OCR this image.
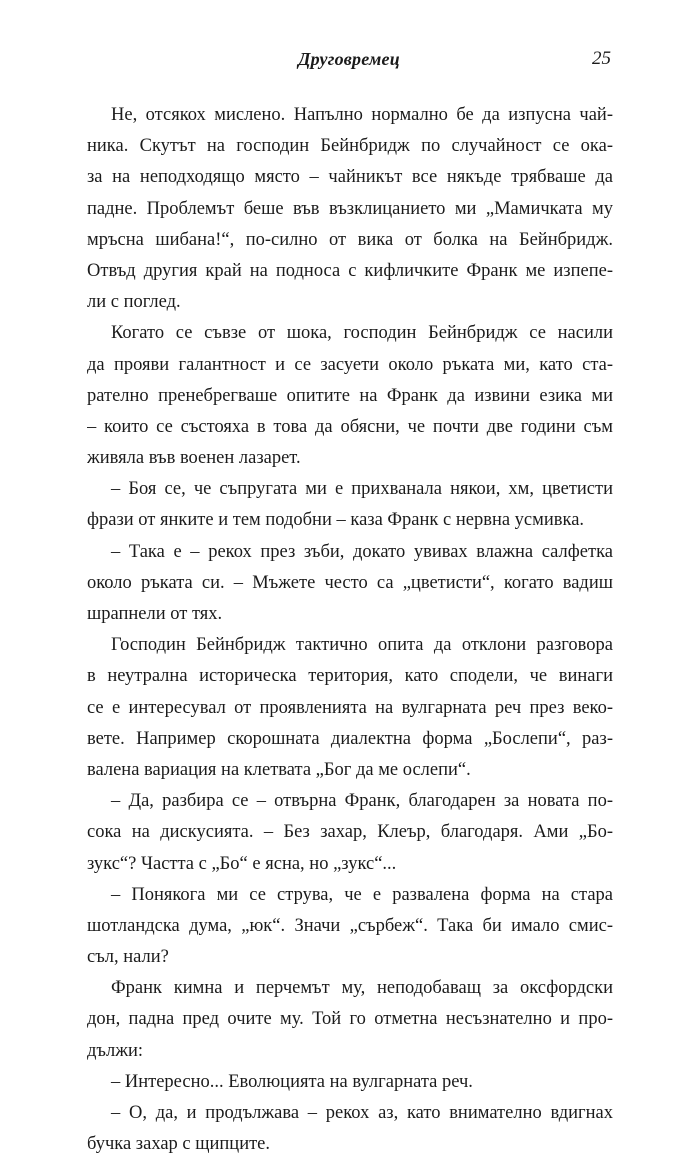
Друговремец	25

Не, отсякох мислено. Напълно нормално бе да изпусна чай-
ника. Скутът на господин Бейнбридж по случайност се ока-
за на неподходящо място – чайникът все някъде трябваше да
падне. Проблемът беше във възклицанието ми „Мамичката му
мръсна шибана!“, по-силно от вика от болка на Бейнбридж.
Отвъд другия край на подноса с кифличките Франк ме изпепе-
ли с поглед.

Когато се съвзе от шока, господин Бейнбридж се насили
да прояви галантност и се засуети около ръката ми, като ста-
рателно пренебрегваше опитите на Франк да извини езика ми
– които се състояха в това да обясни, че почти две години съм
живяла във военен лазарет.

– Боя се, че съпругата ми е прихванала някои, хм, цветисти
фрази от янките и тем подобни – каза Франк с нервна усмивка.

– Така е – рекох през зъби, докато увивах влажна салфетка
около ръката си. – Мъжете често са „цветисти“, когато вадиш
шрапнели от тях.

Господин Бейнбридж тактично опита да отклони разговора
в неутрална историческа територия, като сподели, че винаги
се е интересувал от проявленията на вулгарната реч през веко-
вете. Например скорошната диалектна форма „Бослепи“, раз-
валена вариация на клетвата „Бог да ме ослепи“.

– Да, разбира се – отвърна Франк, благодарен за новата по-
сока на дискусията. – Без захар, Клеър, благодаря. Ами „Бо-
зукс“? Частта с „Бо“ е ясна, но „зукс“...

– Понякога ми се струва, че е развалена форма на стара
шотландска дума, „юк“. Значи „сърбеж“. Така би имало смис-
съл, нали?

Франк кимна и перчемът му, неподобаващ за оксфордски
дон, падна пред очите му. Той го отметна несъзнателно и про-
дължи:

– Интересно... Еволюцията на вулгарната реч.

– О, да, и продължава – рекох аз, като внимателно вдигнах
бучка захар с щипците.
